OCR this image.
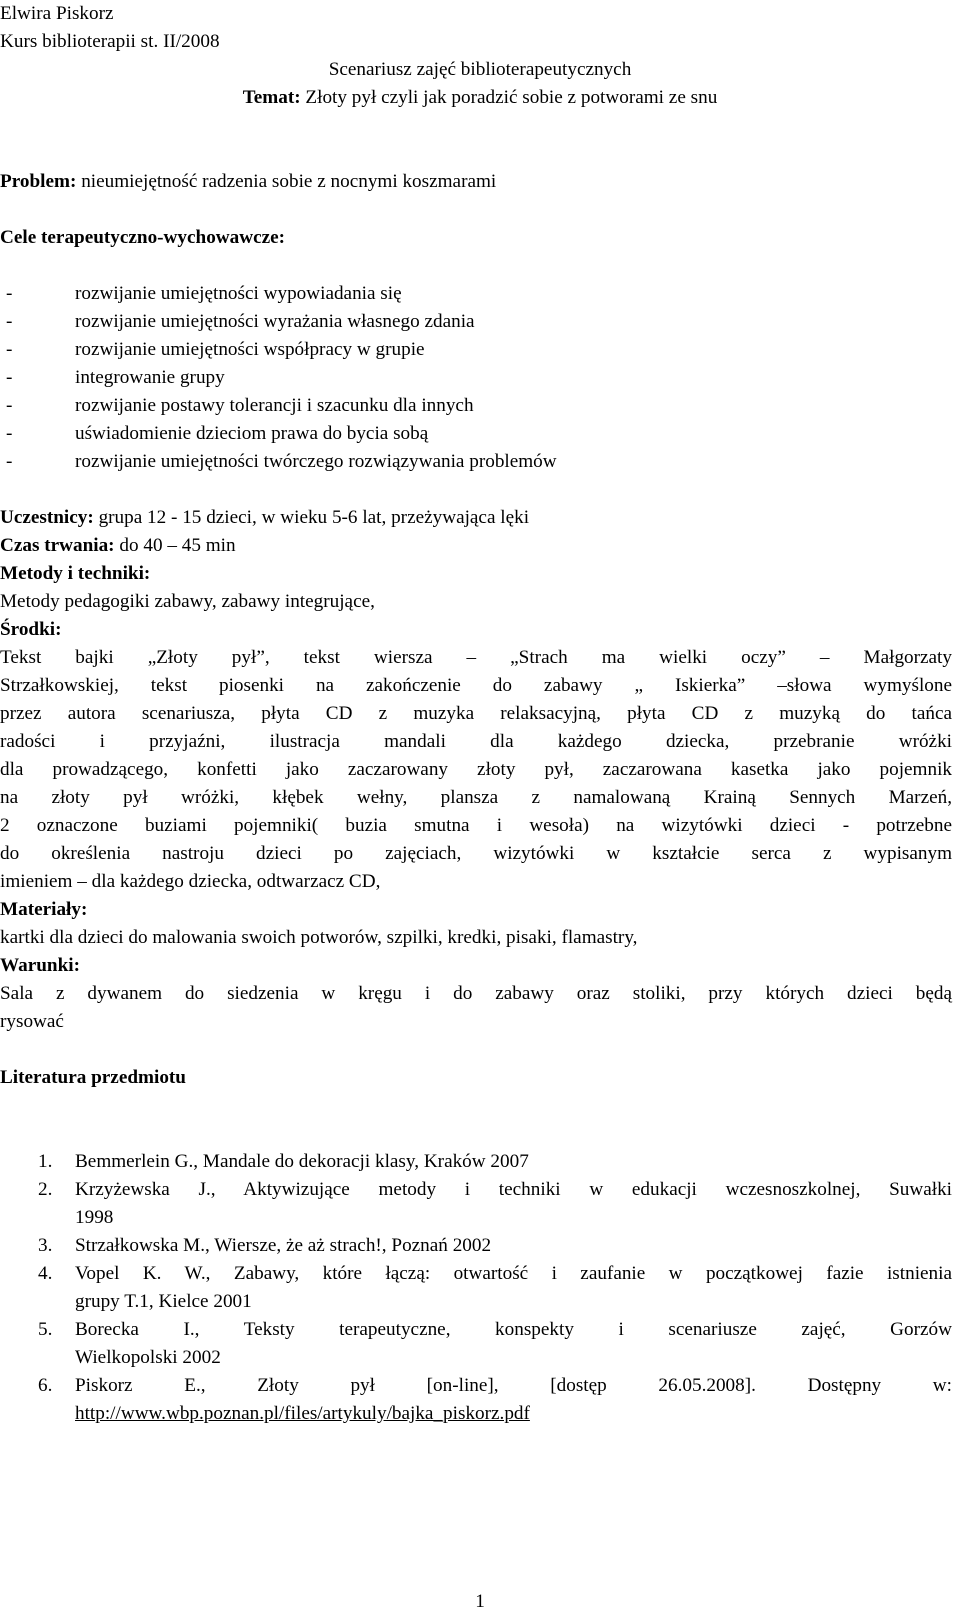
Elwira Piskorz
Kurs biblioterapii st. II/2008
Scenariusz zajęć biblioterapeutycznych
Temat: Złoty pył czyli jak poradzić sobie z potworami ze snu
Problem: nieumiejętność radzenia sobie z nocnymi koszmarami
Cele terapeutyczno-wychowawcze:
-	rozwijanie umiejętności wypowiadania się
-	rozwijanie umiejętności wyrażania własnego zdania
-	rozwijanie umiejętności współpracy w grupie
-	integrowanie grupy
-	rozwijanie postawy tolerancji i szacunku dla innych
-	uświadomienie dzieciom prawa do bycia sobą
-	rozwijanie umiejętności twórczego rozwiązywania problemów
Uczestnicy: grupa 12 - 15 dzieci, w wieku 5-6 lat, przeżywająca lęki
Czas trwania: do 40 – 45 min
Metody i techniki:
Metody pedagogiki zabawy, zabawy integrujące,
Środki:
Tekst bajki „Złoty pył”, tekst wiersza – „Strach ma wielki oczy” – Małgorzaty
Strzałkowskiej, tekst piosenki na zakończenie do zabawy „ Iskierka” –słowa wymyślone
przez autora scenariusza, płyta CD z muzyka relaksacyjną, płyta CD z muzyką do tańca
radości i przyjaźni, ilustracja mandali dla każdego dziecka, przebranie wróżki
dla prowadzącego, konfetti jako zaczarowany złoty pył, zaczarowana kasetka jako pojemnik
na złoty pył wróżki, kłębek wełny, plansza z namalowaną Krainą Sennych Marzeń,
2 oznaczone buziami pojemniki( buzia smutna i wesoła) na wizytówki dzieci - potrzebne
do określenia nastroju dzieci po zajęciach, wizytówki w kształcie serca z wypisanym
imieniem – dla każdego dziecka, odtwarzacz CD,
Materiały:
kartki dla dzieci do malowania swoich potworów, szpilki, kredki, pisaki, flamastry,
Warunki:
Sala z dywanem do siedzenia w kręgu i do zabawy oraz stoliki, przy których dzieci będą
rysować
Literatura przedmiotu
1. Bemmerlein G., Mandale do dekoracji klasy, Kraków 2007
2. Krzyżewska J., Aktywizujące metody i techniki w edukacji wczesnoszkolnej, Suwałki
1998
3. Strzałkowska M., Wiersze, że aż strach!, Poznań 2002
4. Vopel K. W., Zabawy, które łączą: otwartość i zaufanie w początkowej fazie istnienia
grupy T.1, Kielce 2001
5. Borecka I., Teksty terapeutyczne, konspekty i scenariusze zajęć, Gorzów
Wielkopolski 2002
6. Piskorz E., Złoty pył [on-line], [dostęp 26.05.2008]. Dostępny w:
http://www.wbp.poznan.pl/files/artykuly/bajka_piskorz.pdf
1
